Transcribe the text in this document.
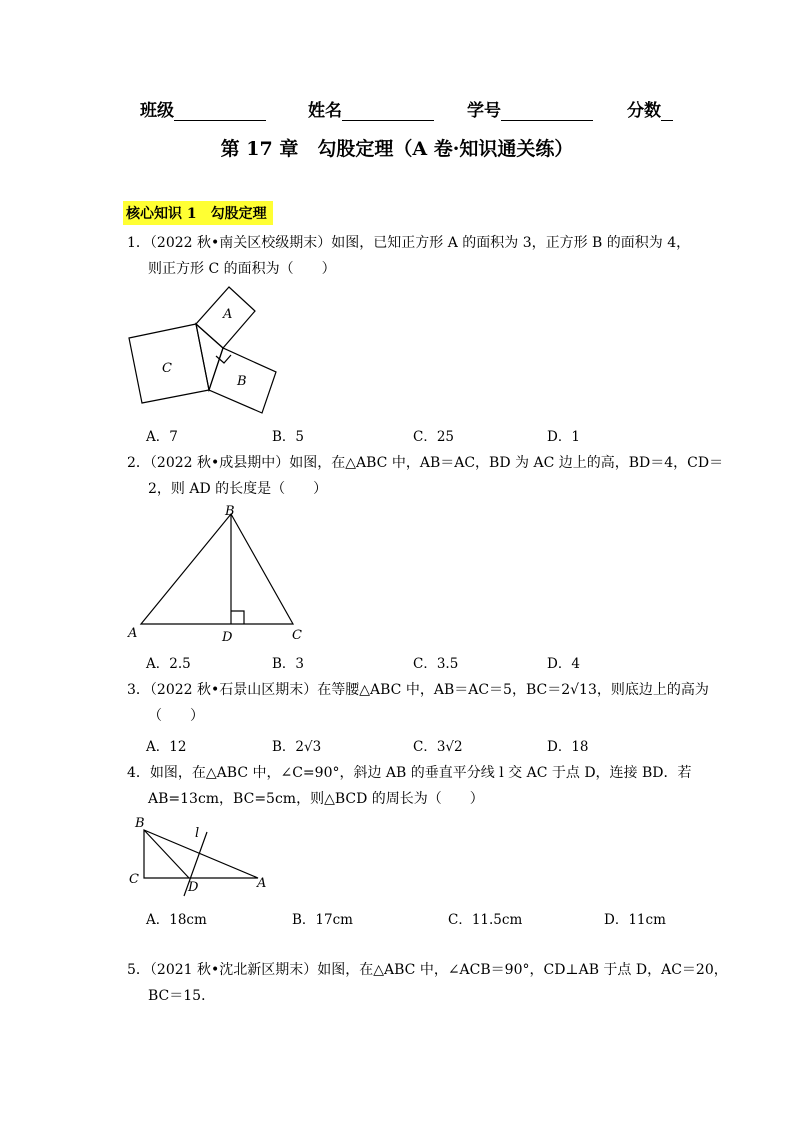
班级	姓名	学号	分数
第 17 章　勾股定理（A 卷·知识通关练）
核心知识 1　勾股定理
1．（2022 秋•南关区校级期末）如图，已知正方形 A 的面积为 3，正方形 B 的面积为 4，
则正方形 C 的面积为（　　）
C
A
B
A．7	B．5	C．25	D．1
2．（2022 秋•成县期中）如图，在△ABC 中，AB＝AC，BD 为 AC 边上的高，BD＝4，CD＝
2，则 AD 的长度是（　　）
B
A	D	C
A．2.5	B．3	C．3.5	D．4
3．（2022 秋•石景山区期末）在等腰△ABC 中，AB＝AC＝5，BC＝2√13，则底边上的高为
（　　）
A．12	B．2√3	C．3√2	D．18
4．如图，在△ABC 中，∠C=90°，斜边 AB 的垂直平分线 l 交 AC 于点 D，连接 BD．若
AB=13cm，BC=5cm，则△BCD 的周长为（　　）
B
C
D	A
l
A．18cm	B．17cm	C．11.5cm	D．11cm
5．（2021 秋•沈北新区期末）如图，在△ABC 中，∠ACB＝90°，CD⊥AB 于点 D，AC＝20，
BC＝15．
